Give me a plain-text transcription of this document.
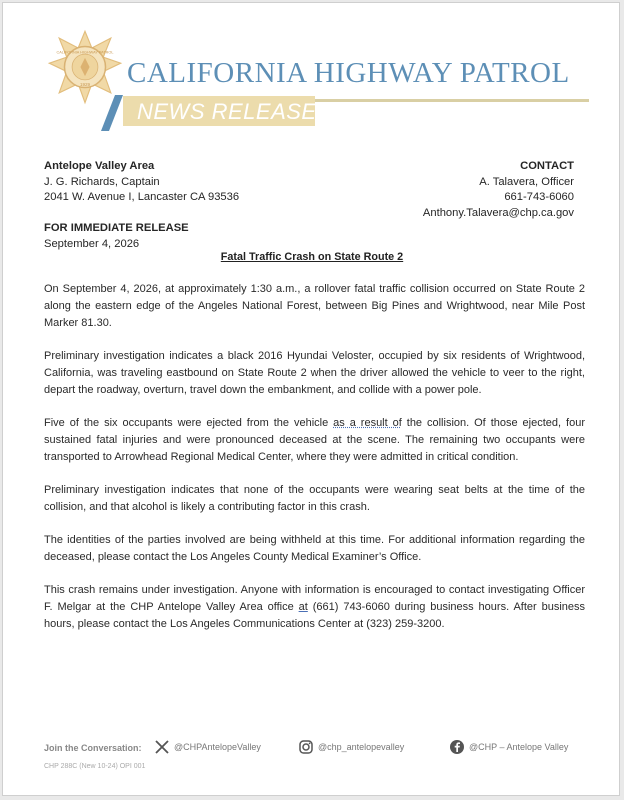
CALIFORNIA HIGHWAY PATROL
1929 CALIFORNIA HIGHWAY PATROL
NEWS RELEASE
Antelope Valley Area
J. G. Richards, Captain
2041 W. Avenue I, Lancaster CA 93536
CONTACT
A. Talavera, Officer
661-743-6060
Anthony.Talavera@chp.ca.gov
FOR IMMEDIATE RELEASE
September 4, 2026
Fatal Traffic Crash on State Route 2

On September 4, 2026, at approximately 1:30 a.m., a rollover fatal traffic collision occurred on State Route 2 along the eastern edge of the Angeles National Forest, between Big Pines and Wrightwood, near Mile Post Marker 81.30.

Preliminary investigation indicates a black 2016 Hyundai Veloster, occupied by six residents of Wrightwood, California, was traveling eastbound on State Route 2 when the driver allowed the vehicle to veer to the right, depart the roadway, overturn, travel down the embankment, and collide with a power pole.

Five of the six occupants were ejected from the vehicle as a result of the collision. Of those ejected, four sustained fatal injuries and were pronounced deceased at the scene. The remaining two occupants were transported to Arrowhead Regional Medical Center, where they were admitted in critical condition.

Preliminary investigation indicates that none of the occupants were wearing seat belts at the time of the collision, and that alcohol is likely a contributing factor in this crash.

The identities of the parties involved are being withheld at this time. For additional information regarding the deceased, please contact the Los Angeles County Medical Examiner’s Office.

This crash remains under investigation. Anyone with information is encouraged to contact investigating Officer F. Melgar at the CHP Antelope Valley Area office at (661) 743-6060 during business hours. After business hours, please contact the Los Angeles Communications Center at (323) 259-3200.

Join the Conversation:	@CHPAntelopeValley	@chp_antelopevalley	@CHP – Antelope Valley
CHP 288C (New 10-24) OPI 001
